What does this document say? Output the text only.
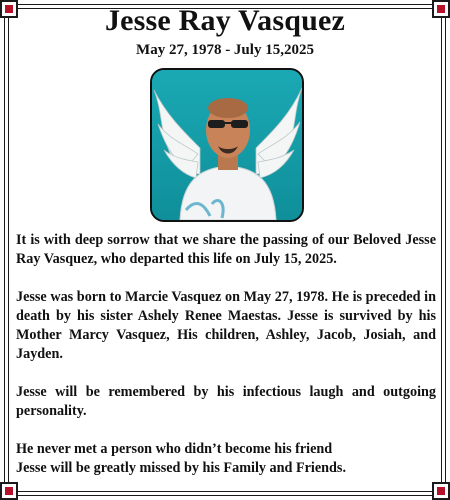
Jesse Ray Vasquez
May 27, 1978 - July 15,2025

It is with deep sorrow that we share the passing of our Beloved Jesse Ray Vasquez, who departed this life on July 15, 2025.

Jesse was born to Marcie Vasquez on May 27, 1978. He is preceded in death by his sister Ashely Renee Maestas. Jesse is survived by his Mother Marcy Vasquez, His children, Ashley, Jacob, Josiah, and Jayden.

Jesse will be remembered by his infectious laugh and outgoing personality.

He never met a person who didn’t become his friend

Jesse will be greatly missed by his Family and Friends.
